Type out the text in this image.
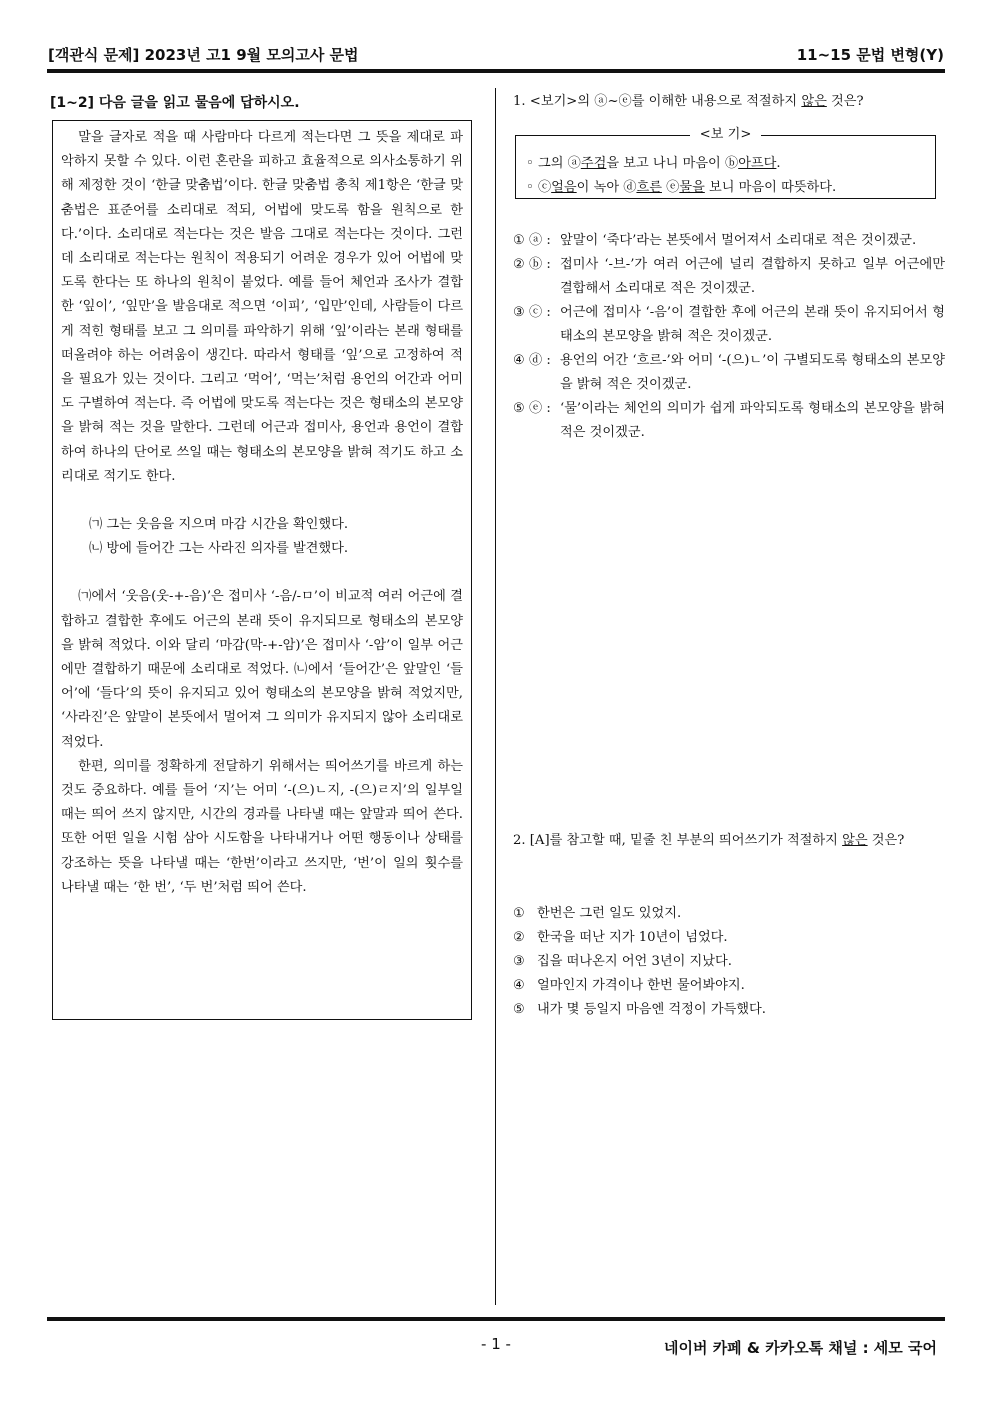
[객관식 문제] 2023년 고1 9월 모의고사 문법	11~15 문법 변형(Y)
[1~2] 다음 글을 읽고 물음에 답하시오.

말을 글자로 적을 때 사람마다 다르게 적는다면 그 뜻을 제대로 파악하지 못할 수 있다. 이런 혼란을 피하고 효율적으로 의사소통하기 위해 제정한 것이 ‘한글 맞춤법’이다. 한글 맞춤법 총칙 제1항은 ‘한글 맞춤법은 표준어를 소리대로 적되, 어법에 맞도록 함을 원칙으로 한다.’이다. 소리대로 적는다는 것은 발음 그대로 적는다는 것이다. 그런데 소리대로 적는다는 원칙이 적용되기 어려운 경우가 있어 어법에 맞도록 한다는 또 하나의 원칙이 붙었다. 예를 들어 체언과 조사가 결합한 ‘잎이’, ‘잎만’을 발음대로 적으면 ‘이피’, ‘입만’인데, 사람들이 다르게 적힌 형태를 보고 그 의미를 파악하기 위해 ‘잎’이라는 본래 형태를 떠올려야 하는 어려움이 생긴다. 따라서 형태를 ‘잎’으로 고정하여 적을 필요가 있는 것이다. 그리고 ‘먹어’, ‘먹는’처럼 용언의 어간과 어미도 구별하여 적는다. 즉 어법에 맞도록 적는다는 것은 형태소의 본모양을 밝혀 적는 것을 말한다. 그런데 어근과 접미사, 용언과 용언이 결합하여 하나의 단어로 쓰일 때는 형태소의 본모양을 밝혀 적기도 하고 소리대로 적기도 한다.

㈀ 그는 웃음을 지으며 마감 시간을 확인했다.
㈁ 방에 들어간 그는 사라진 의자를 발견했다.

㈀에서 ‘웃음(웃-+-음)’은 접미사 ‘-음/-ㅁ’이 비교적 여러 어근에 결합하고 결합한 후에도 어근의 본래 뜻이 유지되므로 형태소의 본모양을 밝혀 적었다. 이와 달리 ‘마감(막-+-암)’은 접미사 ‘-암’이 일부 어근에만 결합하기 때문에 소리대로 적었다. ㈁에서 ‘들어간’은 앞말인 ‘들어’에 ‘들다’의 뜻이 유지되고 있어 형태소의 본모양을 밝혀 적었지만, ‘사라진’은 앞말이 본뜻에서 멀어져 그 의미가 유지되지 않아 소리대로 적었다.

한편, 의미를 정확하게 전달하기 위해서는 띄어쓰기를 바르게 하는 것도 중요하다. 예를 들어 ‘지’는 어미 ‘-(으)ㄴ지, -(으)ㄹ지’의 일부일 때는 띄어 쓰지 않지만, 시간의 경과를 나타낼 때는 앞말과 띄어 쓴다. 또한 어떤 일을 시험 삼아 시도함을 나타내거나 어떤 행동이나 상태를 강조하는 뜻을 나타낼 때는 ‘한번’이라고 쓰지만, ‘번’이 일의 횟수를 나타낼 때는 ‘한 번’, ‘두 번’처럼 띄어 쓴다.

1. <보기>의 ⓐ~ⓔ를 이해한 내용으로 적절하지 않은 것은?
<보 기>
◦ 그의 ⓐ주검을 보고 나니 마음이 ⓑ아프다.
◦ ⓒ얼음이 녹아 ⓓ흐른 ⓔ물을 보니 마음이 따뜻하다.
① ⓐ : 앞말이 ‘죽다’라는 본뜻에서 멀어져서 소리대로 적은 것이겠군.
② ⓑ : 접미사 ‘-브-’가 여러 어근에 널리 결합하지 못하고 일부 어근에만 결합해서 소리대로 적은 것이겠군.
③ ⓒ : 어근에 접미사 ‘-음’이 결합한 후에 어근의 본래 뜻이 유지되어서 형태소의 본모양을 밝혀 적은 것이겠군.
④ ⓓ : 용언의 어간 ‘흐르-’와 어미 ‘-(으)ㄴ’이 구별되도록 형태소의 본모양을 밝혀 적은 것이겠군.
⑤ ⓔ : ‘물’이라는 체언의 의미가 쉽게 파악되도록 형태소의 본모양을 밝혀 적은 것이겠군.
2. [A]를 참고할 때, 밑줄 친 부분의 띄어쓰기가 적절하지 않은 것은?
① 한번은 그런 일도 있었지.
② 한국을 떠난 지가 10년이 넘었다.
③ 집을 떠나온지 어언 3년이 지났다.
④ 얼마인지 가격이나 한번 물어봐야지.
⑤ 내가 몇 등일지 마음엔 걱정이 가득했다.
- 1 -	네이버 카페 & 카카오톡 채널 : 세모 국어
